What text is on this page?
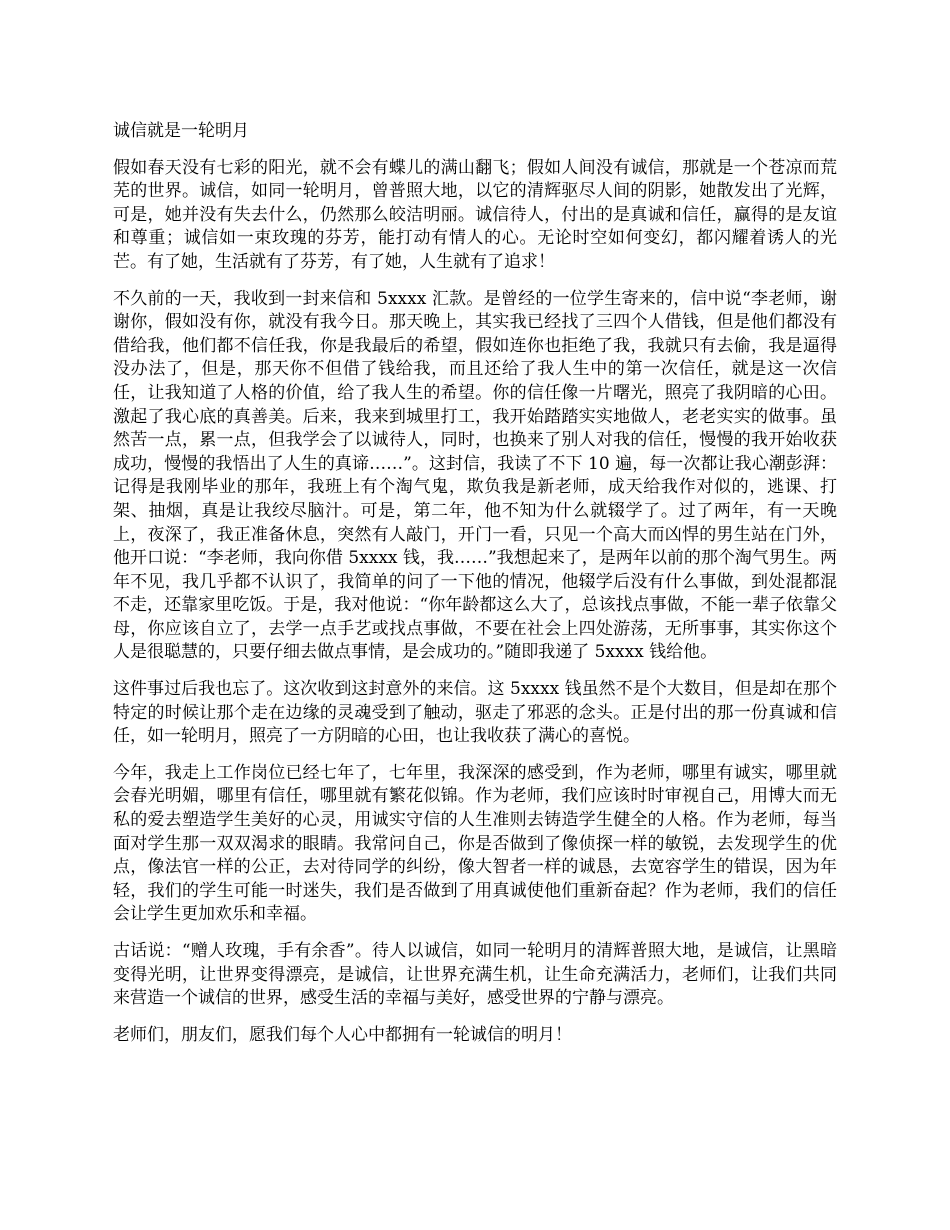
诚信就是一轮明月

假如春天没有七彩的阳光，就不会有蝶儿的满山翻飞；假如人间没有诚信，那就是一个苍凉而荒芜的世界。诚信，如同一轮明月，曾普照大地，以它的清辉驱尽人间的阴影，她散发出了光辉，可是，她并没有失去什么，仍然那么皎洁明丽。诚信待人，付出的是真诚和信任，赢得的是友谊和尊重；诚信如一束玫瑰的芬芳，能打动有情人的心。无论时空如何变幻，都闪耀着诱人的光芒。有了她，生活就有了芬芳，有了她，人生就有了追求！

不久前的一天，我收到一封来信和 5xxxx 汇款。是曾经的一位学生寄来的，信中说“李老师，谢谢你，假如没有你，就没有我今日。那天晚上，其实我已经找了三四个人借钱，但是他们都没有借给我，他们都不信任我，你是我最后的希望，假如连你也拒绝了我，我就只有去偷，我是逼得没办法了，但是，那天你不但借了钱给我，而且还给了我人生中的第一次信任，就是这一次信任，让我知道了人格的价值，给了我人生的希望。你的信任像一片曙光，照亮了我阴暗的心田。激起了我心底的真善美。后来，我来到城里打工，我开始踏踏实实地做人，老老实实的做事。虽然苦一点，累一点，但我学会了以诚待人，同时，也换来了别人对我的信任，慢慢的我开始收获成功，慢慢的我悟出了人生的真谛……”。这封信，我读了不下 10 遍，每一次都让我心潮彭湃：记得是我刚毕业的那年，我班上有个淘气鬼，欺负我是新老师，成天给我作对似的，逃课、打架、抽烟，真是让我绞尽脑汁。可是，第二年，他不知为什么就辍学了。过了两年，有一天晚上，夜深了，我正准备休息，突然有人敲门，开门一看，只见一个高大而凶悍的男生站在门外，他开口说：“李老师，我向你借 5xxxx 钱，我……”我想起来了，是两年以前的那个淘气男生。两年不见，我几乎都不认识了，我简单的问了一下他的情况，他辍学后没有什么事做，到处混都混不走，还靠家里吃饭。于是，我对他说：“你年龄都这么大了，总该找点事做，不能一辈子依靠父母，你应该自立了，去学一点手艺或找点事做，不要在社会上四处游荡，无所事事，其实你这个人是很聪慧的，只要仔细去做点事情，是会成功的。”随即我递了 5xxxx 钱给他。

这件事过后我也忘了。这次收到这封意外的来信。这 5xxxx 钱虽然不是个大数目，但是却在那个特定的时候让那个走在边缘的灵魂受到了触动，驱走了邪恶的念头。正是付出的那一份真诚和信任，如一轮明月，照亮了一方阴暗的心田，也让我收获了满心的喜悦。

今年，我走上工作岗位已经七年了，七年里，我深深的感受到，作为老师，哪里有诚实，哪里就会春光明媚，哪里有信任，哪里就有繁花似锦。作为老师，我们应该时时审视自己，用博大而无私的爱去塑造学生美好的心灵，用诚实守信的人生准则去铸造学生健全的人格。作为老师，每当面对学生那一双双渴求的眼睛。我常问自己，你是否做到了像侦探一样的敏锐，去发现学生的优点，像法官一样的公正，去对待同学的纠纷，像大智者一样的诚恳，去宽容学生的错误，因为年轻，我们的学生可能一时迷失，我们是否做到了用真诚使他们重新奋起？作为老师，我们的信任会让学生更加欢乐和幸福。

古话说：“赠人玫瑰，手有余香”。待人以诚信，如同一轮明月的清辉普照大地，是诚信，让黑暗变得光明，让世界变得漂亮，是诚信，让世界充满生机，让生命充满活力，老师们，让我们共同来营造一个诚信的世界，感受生活的幸福与美好，感受世界的宁静与漂亮。

老师们，朋友们，愿我们每个人心中都拥有一轮诚信的明月！
